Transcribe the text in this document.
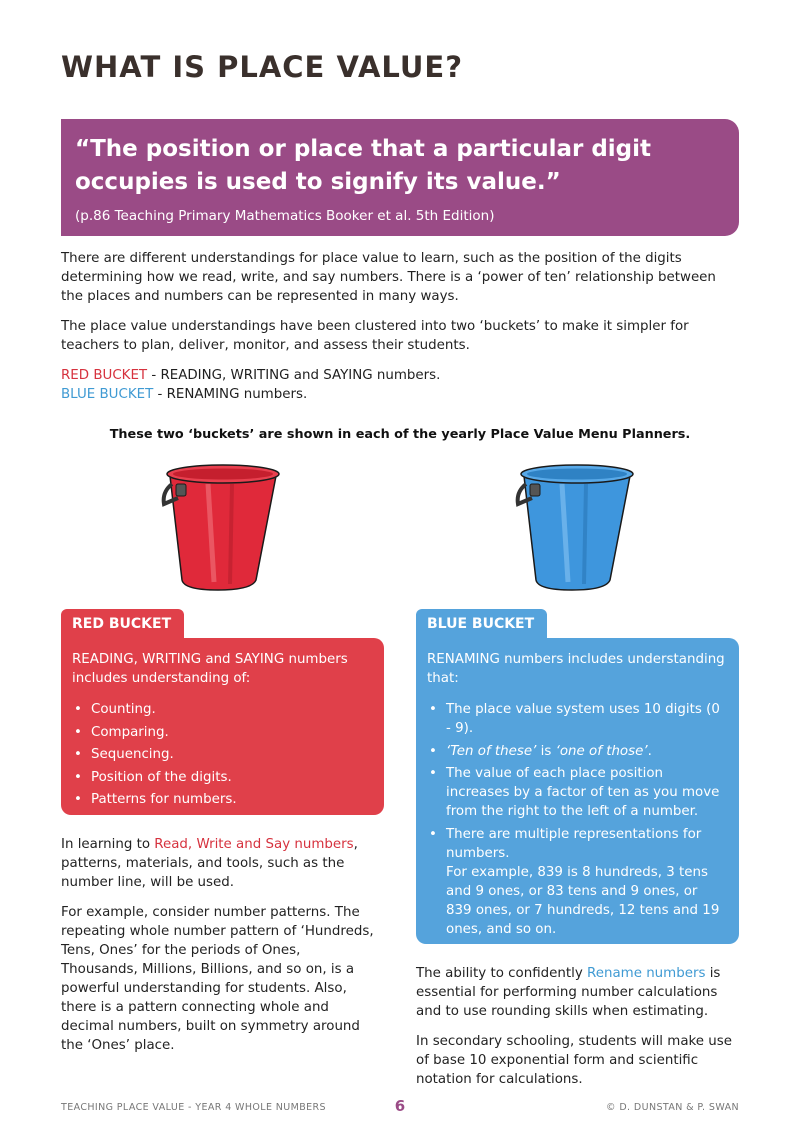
WHAT IS PLACE VALUE?
“The position or place that a particular digit occupies is used to signify its value.”
(p.86 Teaching Primary Mathematics Booker et al. 5th Edition)
There are different understandings for place value to learn, such as the position of the digits determining how we read, write, and say numbers. There is a ‘power of ten’ relationship between the places and numbers can be represented in many ways.
The place value understandings have been clustered into two ‘buckets’ to make it simpler for teachers to plan, deliver, monitor, and assess their students.
RED BUCKET - READING, WRITING and SAYING numbers.
BLUE BUCKET - RENAMING numbers.
These two ‘buckets’ are shown in each of the yearly Place Value Menu Planners.
RED BUCKET
READING, WRITING and SAYING numbers includes understanding of:
• Counting.
• Comparing.
• Sequencing.
• Position of the digits.
• Patterns for numbers.

In learning to Read, Write and Say numbers, patterns, materials, and tools, such as the number line, will be used.

For example, consider number patterns. The repeating whole number pattern of ‘Hundreds, Tens, Ones’ for the periods of Ones, Thousands, Millions, Billions, and so on, is a powerful understanding for students. Also, there is a pattern connecting whole and decimal numbers, built on symmetry around the ‘Ones’ place.

BLUE BUCKET
RENAMING numbers includes understanding that:
• The place value system uses 10 digits (0 - 9).
• ‘Ten of these’ is ‘one of those’.
• The value of each place position increases by a factor of ten as you move from the right to the left of a number.
• There are multiple representations for numbers.
For example, 839 is 8 hundreds, 3 tens and 9 ones, or 83 tens and 9 ones, or 839 ones, or 7 hundreds, 12 tens and 19 ones, and so on.

The ability to confidently Rename numbers is essential for performing number calculations and to use rounding skills when estimating.

In secondary schooling, students will make use of base 10 exponential form and scientific notation for calculations.

TEACHING PLACE VALUE - YEAR 4 WHOLE NUMBERS	6	© D. DUNSTAN & P. SWAN
